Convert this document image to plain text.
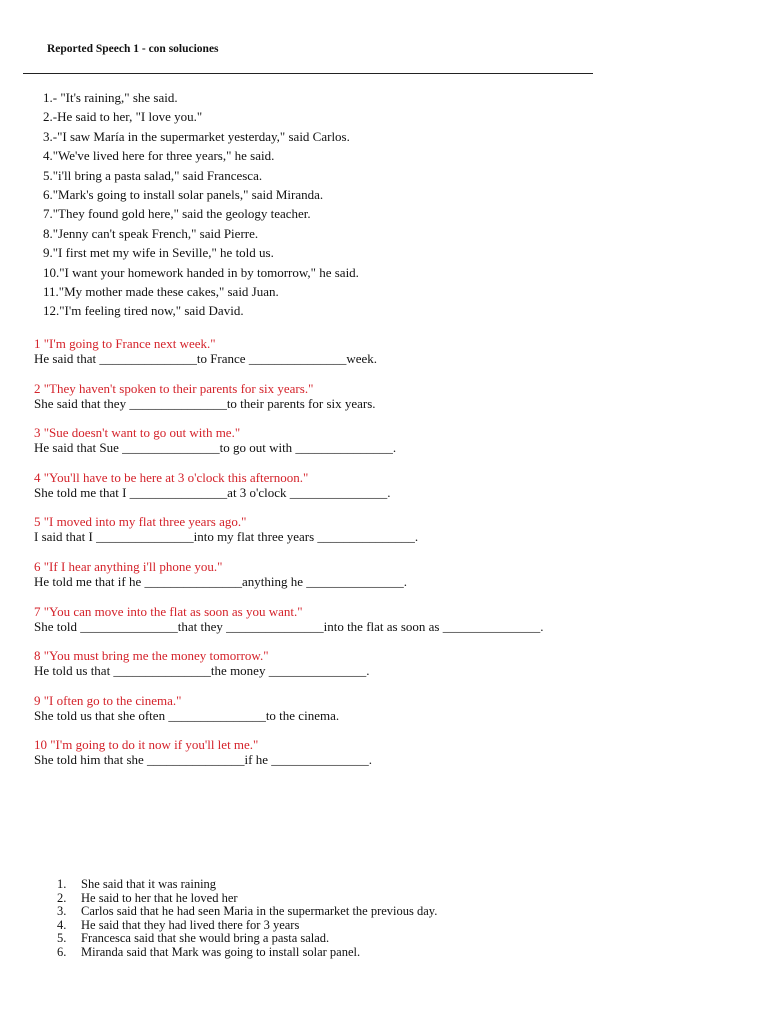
Reported Speech 1 - con soluciones
1.- "It's raining," she said.
2.-He said to her, "I love you."
3.-"I saw María in the supermarket yesterday," said Carlos.
4."We've lived here for three years," he said.
5."i'll bring a pasta salad," said Francesca.
6."Mark's going to install solar panels," said Miranda.
7."They found gold here," said the geology teacher.
8."Jenny can't speak French," said Pierre.
9."I first met my wife in Seville," he told us.
10."I want your homework handed in by tomorrow," he said.
11."My mother made these cakes," said Juan.
12."I'm feeling tired now," said David.
1 "I'm going to France next week."
He said that _______________to France _______________week.
2 "They haven't spoken to their parents for six years."
She said that they _______________to their parents for six years.
3 "Sue doesn't want to go out with me."
He said that Sue _______________to go out with _______________.
4 "You'll have to be here at 3 o'clock this afternoon."
She told me that I _______________at 3 o'clock _______________.
5 "I moved into my flat three years ago."
I said that I _______________into my flat three years _______________.
6 "If I hear anything i'll phone you."
He told me that if he _______________anything he _______________.
7 "You can move into the flat as soon as you want."
She told _______________that they _______________into the flat as soon as _______________.
8 "You must bring me the money tomorrow."
He told us that _______________the money _______________.
9 "I often go to the cinema."
She told us that she often _______________to the cinema.
10 "I'm going to do it now if you'll let me."
She told him that she _______________if he _______________.
1.	She said that it was raining
2.	He said to her that he loved her
3.	Carlos said that he had seen Maria in the supermarket the previous day.
4.	He said that they had lived there for 3 years
5.	Francesca said that she would bring a pasta salad.
6.	Miranda said that Mark was going to install solar panel.
